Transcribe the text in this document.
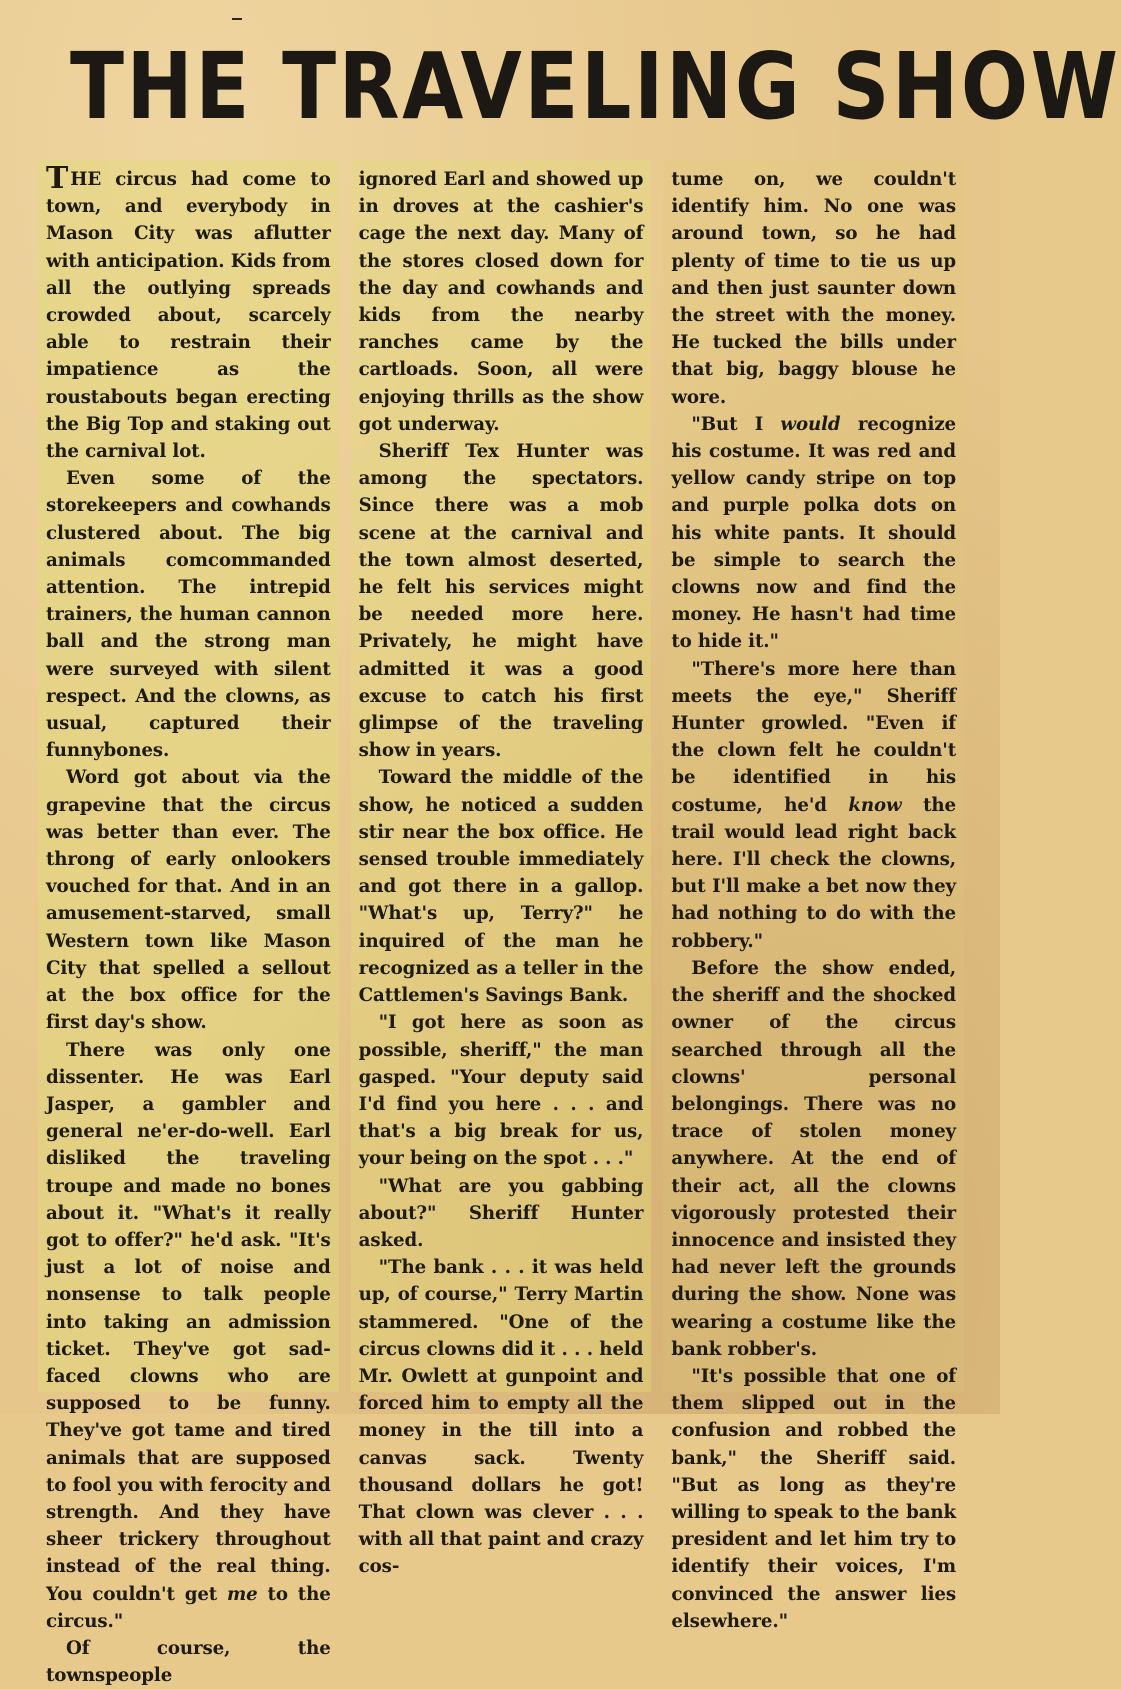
THE TRAVELING SHOW

THE circus had come to town, and everybody in Mason City was aflutter with anticipation. Kids from all the outlying spreads crowded about, scarcely able to restrain their impatience as the roustabouts began erecting the Big Top and staking out the carnival lot.

Even some of the storekeepers and cowhands clustered about. The big animals comcommanded attention. The intrepid trainers, the human cannon ball and the strong man were surveyed with silent respect. And the clowns, as usual, captured their funnybones.

Word got about via the grapevine that the circus was better than ever. The throng of early onlookers vouched for that. And in an amusement-starved, small Western town like Mason City that spelled a sellout at the box office for the first day's show.

There was only one dissenter. He was Earl Jasper, a gambler and general ne'er-do-well. Earl disliked the traveling troupe and made no bones about it. "What's it really got to offer?" he'd ask. "It's just a lot of noise and nonsense to talk people into taking an admission ticket. They've got sad-faced clowns who are supposed to be funny. They've got tame and tired animals that are supposed to fool you with ferocity and strength. And they have sheer trickery throughout instead of the real thing. You couldn't get me to the circus."

Of course, the townspeople

ignored Earl and showed up in droves at the cashier's cage the next day. Many of the stores closed down for the day and cowhands and kids from the nearby ranches came by the cartloads. Soon, all were enjoying thrills as the show got underway.

Sheriff Tex Hunter was among the spectators. Since there was a mob scene at the carnival and the town almost deserted, he felt his services might be needed more here. Privately, he might have admitted it was a good excuse to catch his first glimpse of the traveling show in years.

Toward the middle of the show, he noticed a sudden stir near the box office. He sensed trouble immediately and got there in a gallop. "What's up, Terry?" he inquired of the man he recognized as a teller in the Cattlemen's Savings Bank.

"I got here as soon as possible, sheriff," the man gasped. "Your deputy said I'd find you here . . . and that's a big break for us, your being on the spot . . ."

"What are you gabbing about?" Sheriff Hunter asked.

"The bank . . . it was held up, of course," Terry Martin stammered. "One of the circus clowns did it . . . held Mr. Owlett at gunpoint and forced him to empty all the money in the till into a canvas sack. Twenty thousand dollars he got! That clown was clever . . . with all that paint and crazy cos-

tume on, we couldn't identify him. No one was around town, so he had plenty of time to tie us up and then just saunter down the street with the money. He tucked the bills under that big, baggy blouse he wore.

"But I would recognize his costume. It was red and yellow candy stripe on top and purple polka dots on his white pants. It should be simple to search the clowns now and find the money. He hasn't had time to hide it."

"There's more here than meets the eye," Sheriff Hunter growled. "Even if the clown felt he couldn't be identified in his costume, he'd know the trail would lead right back here. I'll check the clowns, but I'll make a bet now they had nothing to do with the robbery."

Before the show ended, the sheriff and the shocked owner of the circus searched through all the clowns' personal belongings. There was no trace of stolen money anywhere. At the end of their act, all the clowns vigorously protested their innocence and insisted they had never left the grounds during the show. None was wearing a costume like the bank robber's.

"It's possible that one of them slipped out in the confusion and robbed the bank," the Sheriff said. "But as long as they're willing to speak to the bank president and let him try to identify their voices, I'm convinced the answer lies elsewhere."
